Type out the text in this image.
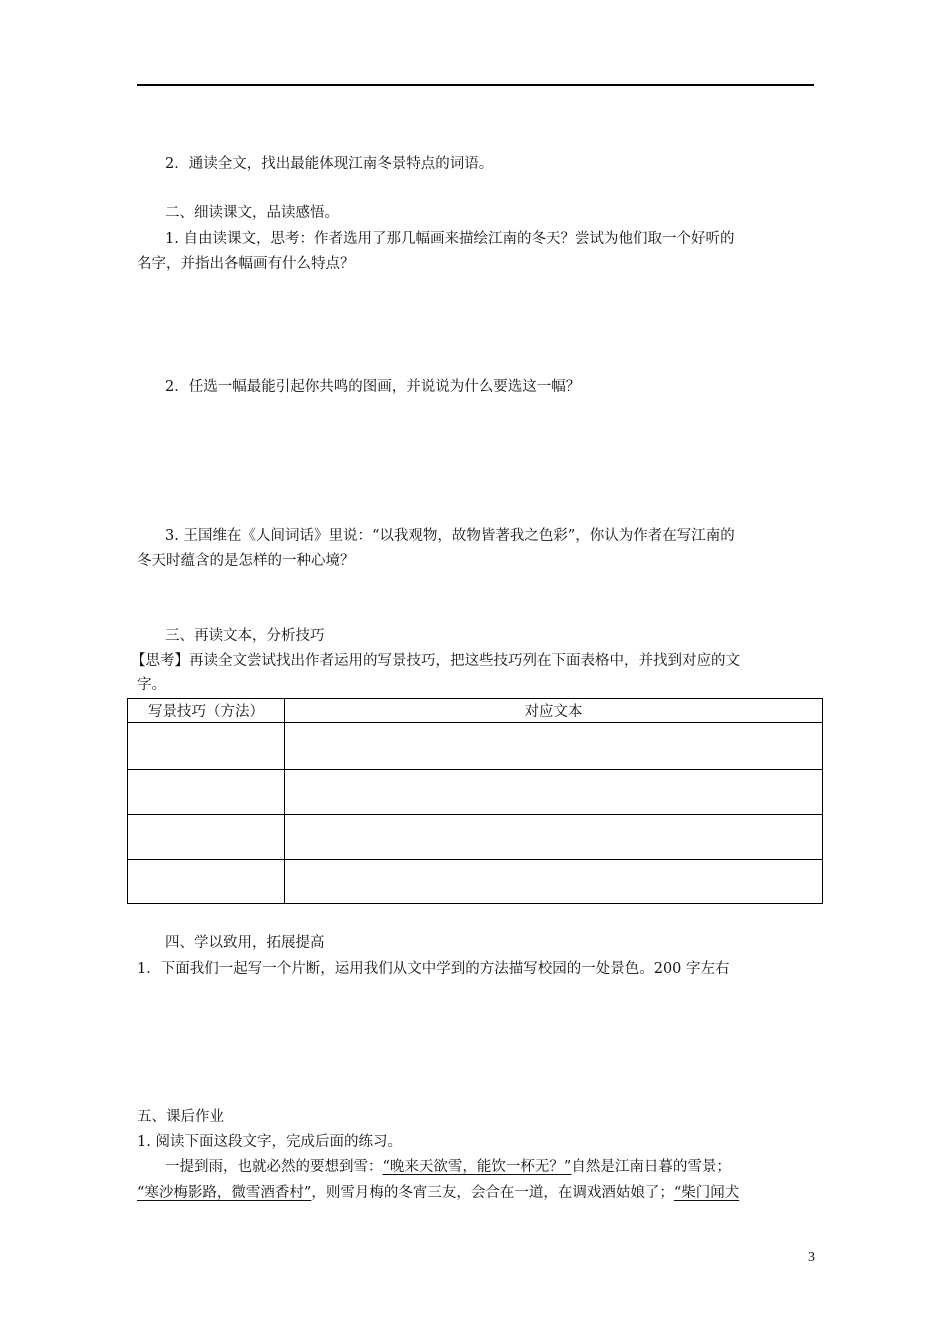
2．通读全文，找出最能体现江南冬景特点的词语。
二、细读课文，品读感悟。
1. 自由读课文，思考：作者选用了那几幅画来描绘江南的冬天？尝试为他们取一个好听的
名字，并指出各幅画有什么特点？
2．任选一幅最能引起你共鸣的图画，并说说为什么要选这一幅？
3. 王国维在《人间词话》里说：“以我观物，故物皆著我之色彩”，你认为作者在写江南的
冬天时蕴含的是怎样的一种心境？
三、再读文本，分析技巧
【思考】再读全文尝试找出作者运用的写景技巧，把这些技巧列在下面表格中，并找到对应的文
字。
写景技巧（方法）	对应文本

四、学以致用，拓展提高
1．下面我们一起写一个片断，运用我们从文中学到的方法描写校园的一处景色。200 字左右
五、课后作业
1. 阅读下面这段文字，完成后面的练习。
一提到雨，也就必然的要想到雪：“晚来天欲雪，能饮一杯无？”自然是江南日暮的雪景；
“寒沙梅影路，微雪酒香村”，则雪月梅的冬宵三友，会合在一道，在调戏酒姑娘了；“柴门闻犬
3
